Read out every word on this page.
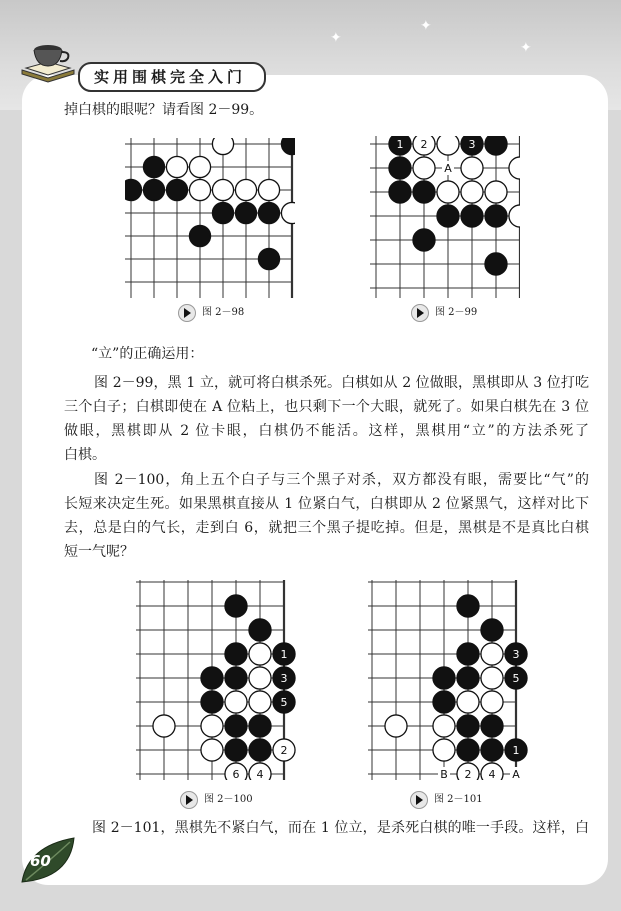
✦
✦
✦
实用围棋完全入门
掉白棋的眼呢？请看图 2－99。
1 2	3
A
图 2－98	图 2－99
“立”的正确运用：
图 2－99，黑 1 立，就可将白棋杀死。白棋如从 2 位做眼，黑棋即从 3 位打吃
三个白子；白棋即使在 A 位粘上，也只剩下一个大眼，就死了。如果白棋先在 3 位
做眼，黑棋即从 2 位卡眼，白棋仍不能活。这样，黑棋用“立”的方法杀死了
白棋。
图 2－100，角上五个白子与三个黑子对杀，双方都没有眼，需要比“气”的
长短来决定生死。如果黑棋直接从 1 位紧白气，白棋即从 2 位紧黑气，这样对比下
去，总是白的气长，走到白 6，就把三个黑子提吃掉。但是，黑棋是不是真比白棋
短一气呢？
1
3
5
2
6 4
3
5
1
2 4
B	A
图 2－100	图 2－101
图 2－101，黑棋先不紧白气，而在 1 位立，是杀死白棋的唯一手段。这样，白
60
